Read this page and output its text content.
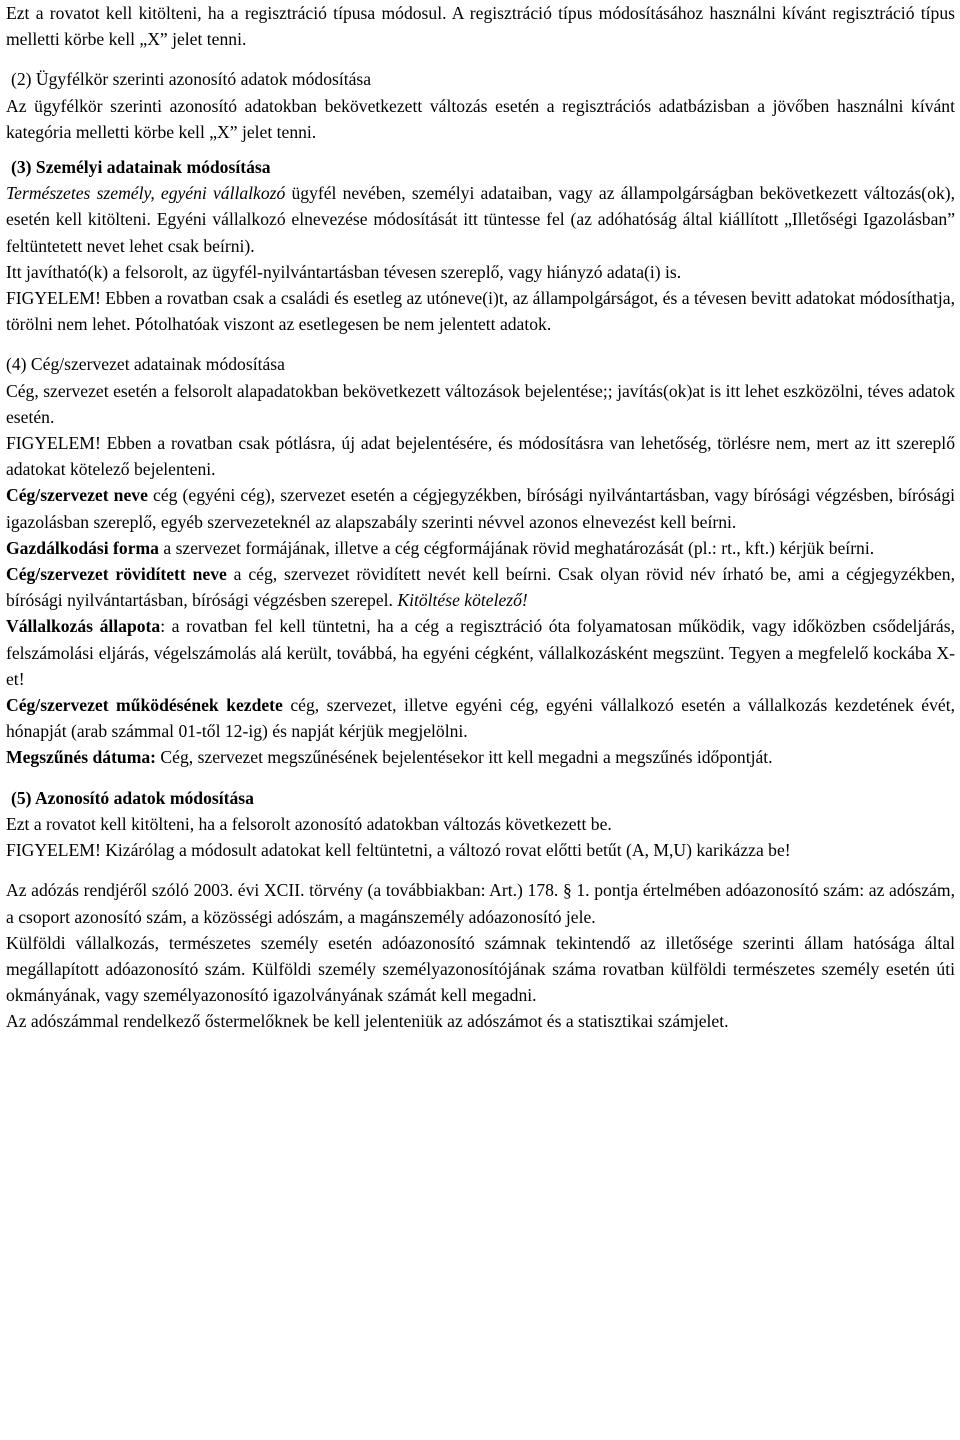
Ezt a rovatot kell kitölteni, ha a regisztráció típusa módosul. A regisztráció típus módosításához használni kívánt regisztráció típus melletti körbe kell „X” jelet tenni.

(2) Ügyfélkör szerinti azonosító adatok módosítása

Az ügyfélkör szerinti azonosító adatokban bekövetkezett változás esetén a regisztrációs adatbázisban a jövőben használni kívánt kategória melletti körbe kell „X” jelet tenni.

(3) Személyi adatainak módosítása

Természetes személy, egyéni vállalkozó ügyfél nevében, személyi adataiban, vagy az állampolgárságban bekövetkezett változás(ok), esetén kell kitölteni. Egyéni vállalkozó elnevezése módosítását itt tüntesse fel (az adóhatóság által kiállított „Illetőségi Igazolásban” feltüntetett nevet lehet csak beírni).

Itt javítható(k) a felsorolt, az ügyfél-nyilvántartásban tévesen szereplő, vagy hiányzó adata(i) is.

FIGYELEM! Ebben a rovatban csak a családi és esetleg az utóneve(i)t, az állampolgárságot, és a tévesen bevitt adatokat módosíthatja, törölni nem lehet. Pótolhatóak viszont az esetlegesen be nem jelentett adatok.

(4) Cég/szervezet adatainak módosítása

Cég, szervezet esetén a felsorolt alapadatokban bekövetkezett változások bejelentése;; javítás(ok)at is itt lehet eszközölni, téves adatok esetén.

FIGYELEM! Ebben a rovatban csak pótlásra, új adat bejelentésére, és módosításra van lehetőség, törlésre nem, mert az itt szereplő adatokat kötelező bejelenteni.

Cég/szervezet neve cég (egyéni cég), szervezet esetén a cégjegyzékben, bírósági nyilvántartásban, vagy bírósági végzésben, bírósági igazolásban szereplő, egyéb szervezeteknél az alapszabály szerinti névvel azonos elnevezést kell beírni.

Gazdálkodási forma a szervezet formájának, illetve a cég cégformájának rövid meghatározását (pl.: rt., kft.) kérjük beírni.

Cég/szervezet rövidített neve a cég, szervezet rövidített nevét kell beírni. Csak olyan rövid név írható be, ami a cégjegyzékben, bírósági nyilvántartásban, bírósági végzésben szerepel. Kitöltése kötelező!

Vállalkozás állapota: a rovatban fel kell tüntetni, ha a cég a regisztráció óta folyamatosan működik, vagy időközben csődeljárás, felszámolási eljárás, végelszámolás alá került, továbbá, ha egyéni cégként, vállalkozásként megszünt. Tegyen a megfelelő kockába X-et!

Cég/szervezet működésének kezdete cég, szervezet, illetve egyéni cég, egyéni vállalkozó esetén a vállalkozás kezdetének évét, hónapját (arab számmal 01-től 12-ig) és napját kérjük megjelölni.

Megszűnés dátuma: Cég, szervezet megszűnésének bejelentésekor itt kell megadni a megszűnés időpontját.

(5) Azonosító adatok módosítása

Ezt a rovatot kell kitölteni, ha a felsorolt azonosító adatokban változás következett be.

FIGYELEM! Kizárólag a módosult adatokat kell feltüntetni, a változó rovat előtti betűt (A, M,U) karikázza be!

Az adózás rendjéről szóló 2003. évi XCII. törvény (a továbbiakban: Art.) 178. § 1. pontja értelmében adóazonosító szám: az adószám, a csoport azonosító szám, a közösségi adószám, a magánszemély adóazonosító jele.

Külföldi vállalkozás, természetes személy esetén adóazonosító számnak tekintendő az illetősége szerinti állam hatósága által megállapított adóazonosító szám. Külföldi személy személyazonosítójának száma rovatban külföldi természetes személy esetén úti okmányának, vagy személyazonosító igazolványának számát kell megadni.

Az adószámmal rendelkező őstermelőknek be kell jelenteniük az adószámot és a statisztikai számjelet.
